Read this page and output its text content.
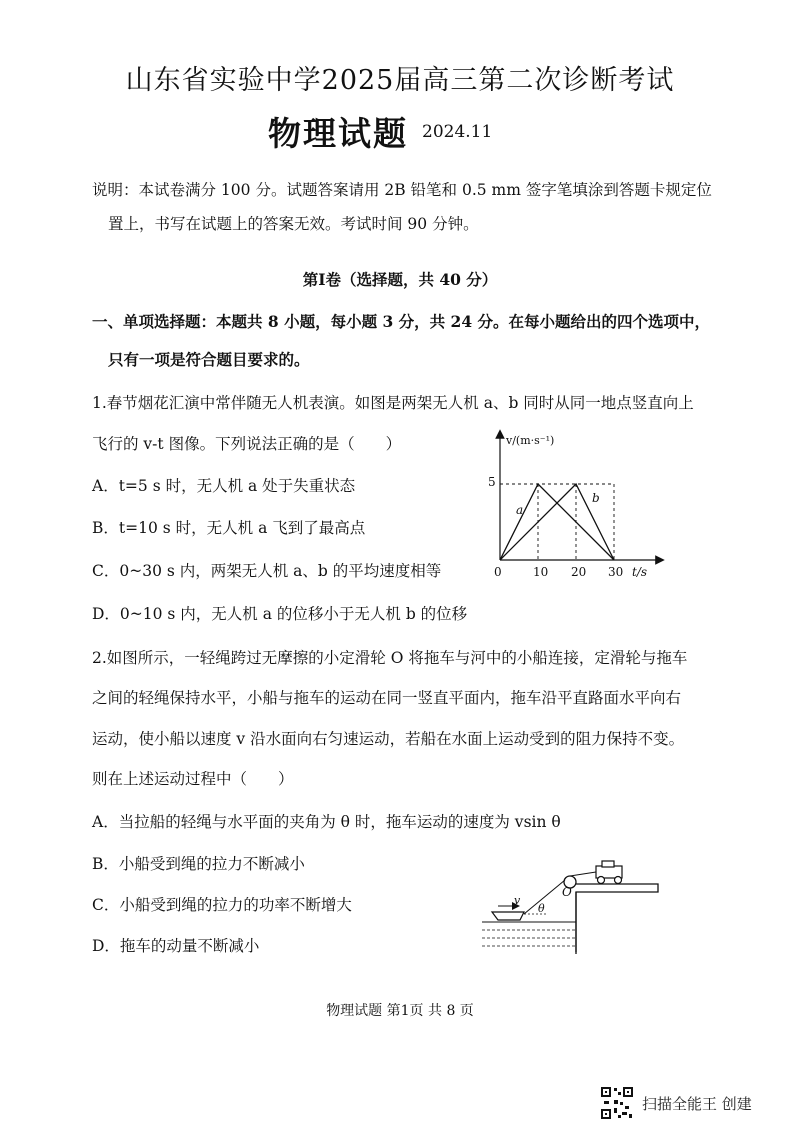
山东省实验中学2025届高三第二次诊断考试
物理试题 2024.11
说明：本试卷满分 100 分。试题答案请用 2B 铅笔和 0.5 mm 签字笔填涂到答题卡规定位
置上，书写在试题上的答案无效。考试时间 90 分钟。
第Ⅰ卷（选择题，共 40 分）
一、单项选择题：本题共 8 小题，每小题 3 分，共 24 分。在每小题给出的四个选项中，
只有一项是符合题目要求的。
1.春节烟花汇演中常伴随无人机表演。如图是两架无人机 a、b 同时从同一地点竖直向上
飞行的 v-t 图像。下列说法正确的是（　　）
A．t=5 s 时，无人机 a 处于失重状态
B．t=10 s 时，无人机 a 飞到了最高点
C．0~30 s 内，两架无人机 a、b 的平均速度相等
D．0~10 s 内，无人机 a 的位移小于无人机 b 的位移
v/(m·s⁻¹)
t/s
5
0	10 20 30
a
b
2.如图所示，一轻绳跨过无摩擦的小定滑轮 O 将拖车与河中的小船连接，定滑轮与拖车
之间的轻绳保持水平，小船与拖车的运动在同一竖直平面内，拖车沿平直路面水平向右
运动，使小船以速度 v 沿水面向右匀速运动，若船在水面上运动受到的阻力保持不变。
则在上述运动过程中（　　）
A．当拉船的轻绳与水平面的夹角为 θ 时，拖车运动的速度为 vsin θ
B．小船受到绳的拉力不断减小
C．小船受到绳的拉力的功率不断增大
D．拖车的动量不断减小
O
v
θ
物理试题 第1页 共 8 页
扫描全能王 创建
